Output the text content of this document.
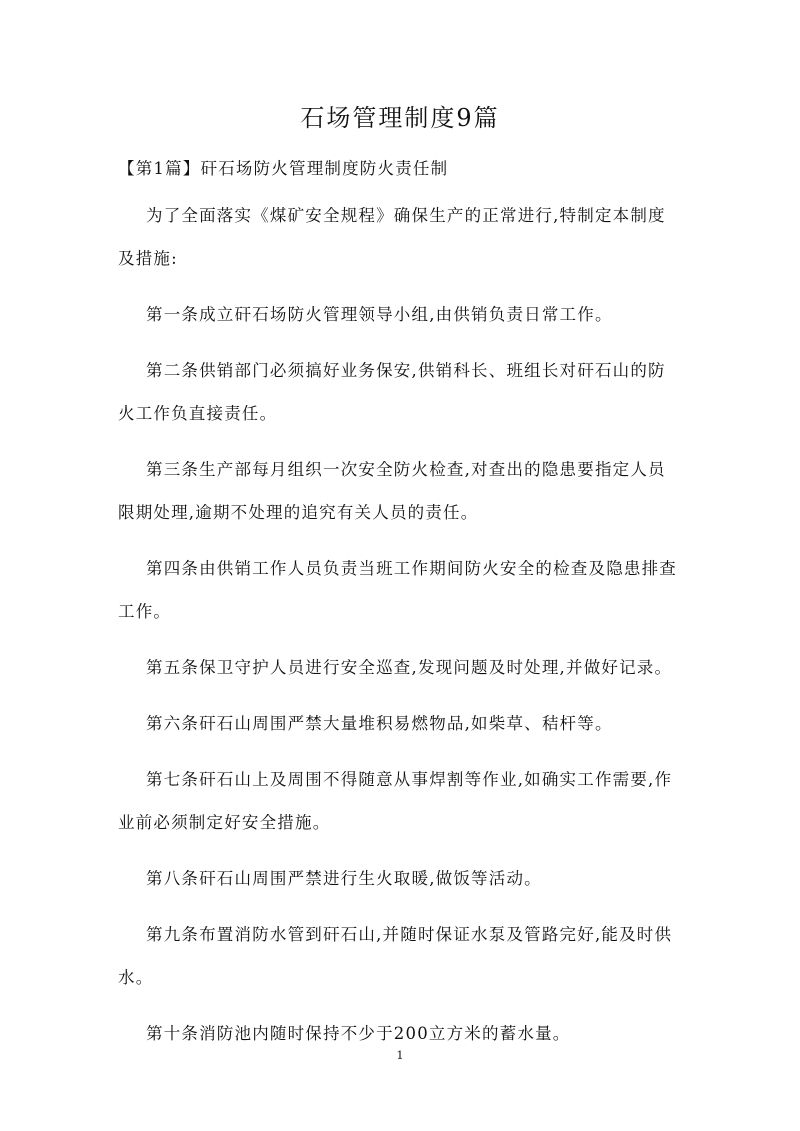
石场管理制度9篇

【第1篇】矸石场防火管理制度防火责任制

为了全面落实《煤矿安全规程》确保生产的正常进行,特制定本制度及措施:

第一条成立矸石场防火管理领导小组,由供销负责日常工作。

第二条供销部门必须搞好业务保安,供销科长、班组长对矸石山的防火工作负直接责任。

第三条生产部每月组织一次安全防火检查,对查出的隐患要指定人员限期处理,逾期不处理的追究有关人员的责任。

第四条由供销工作人员负责当班工作期间防火安全的检查及隐患排查工作。

第五条保卫守护人员进行安全巡查,发现问题及时处理,并做好记录。

第六条矸石山周围严禁大量堆积易燃物品,如柴草、秸杆等。

第七条矸石山上及周围不得随意从事焊割等作业,如确实工作需要,作业前必须制定好安全措施。

第八条矸石山周围严禁进行生火取暖,做饭等活动。

第九条布置消防水管到矸石山,并随时保证水泵及管路完好,能及时供水。

第十条消防池内随时保持不少于200立方米的蓄水量。

1
